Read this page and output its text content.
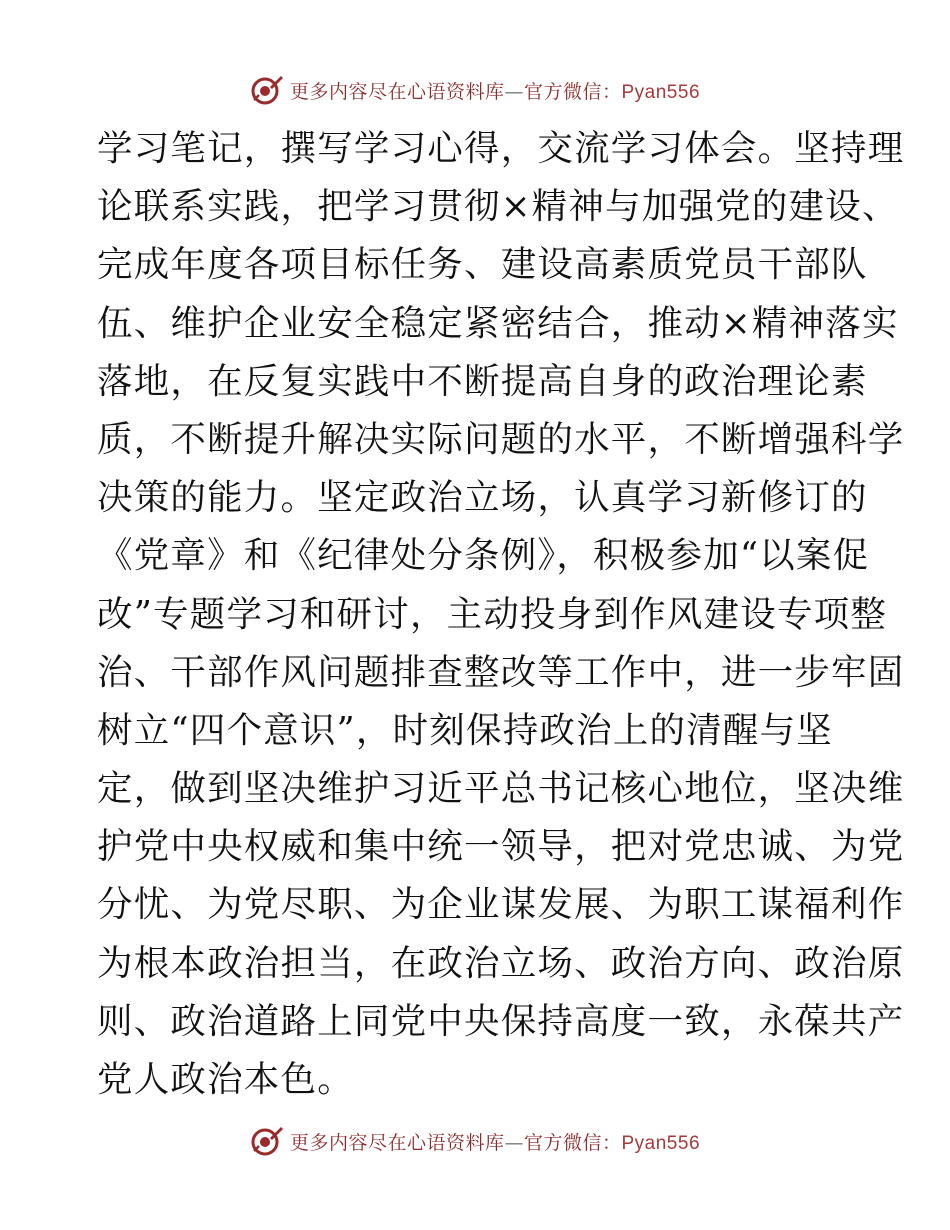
更多内容尽在心语资料库—官方微信：Pyan556
学习笔记，撰写学习心得，交流学习体会。坚持理
论联系实践，把学习贯彻×精神与加强党的建设、
完成年度各项目标任务、建设高素质党员干部队
伍、维护企业安全稳定紧密结合，推动×精神落实
落地，在反复实践中不断提高自身的政治理论素
质，不断提升解决实际问题的水平，不断增强科学
决策的能力。坚定政治立场，认真学习新修订的
《党章》和《纪律处分条例》，积极参加“以案促
改”专题学习和研讨，主动投身到作风建设专项整
治、干部作风问题排查整改等工作中，进一步牢固
树立“四个意识”，时刻保持政治上的清醒与坚
定，做到坚决维护习近平总书记核心地位，坚决维
护党中央权威和集中统一领导，把对党忠诚、为党
分忧、为党尽职、为企业谋发展、为职工谋福利作
为根本政治担当，在政治立场、政治方向、政治原
则、政治道路上同党中央保持高度一致，永葆共产
党人政治本色。
更多内容尽在心语资料库—官方微信：Pyan556
